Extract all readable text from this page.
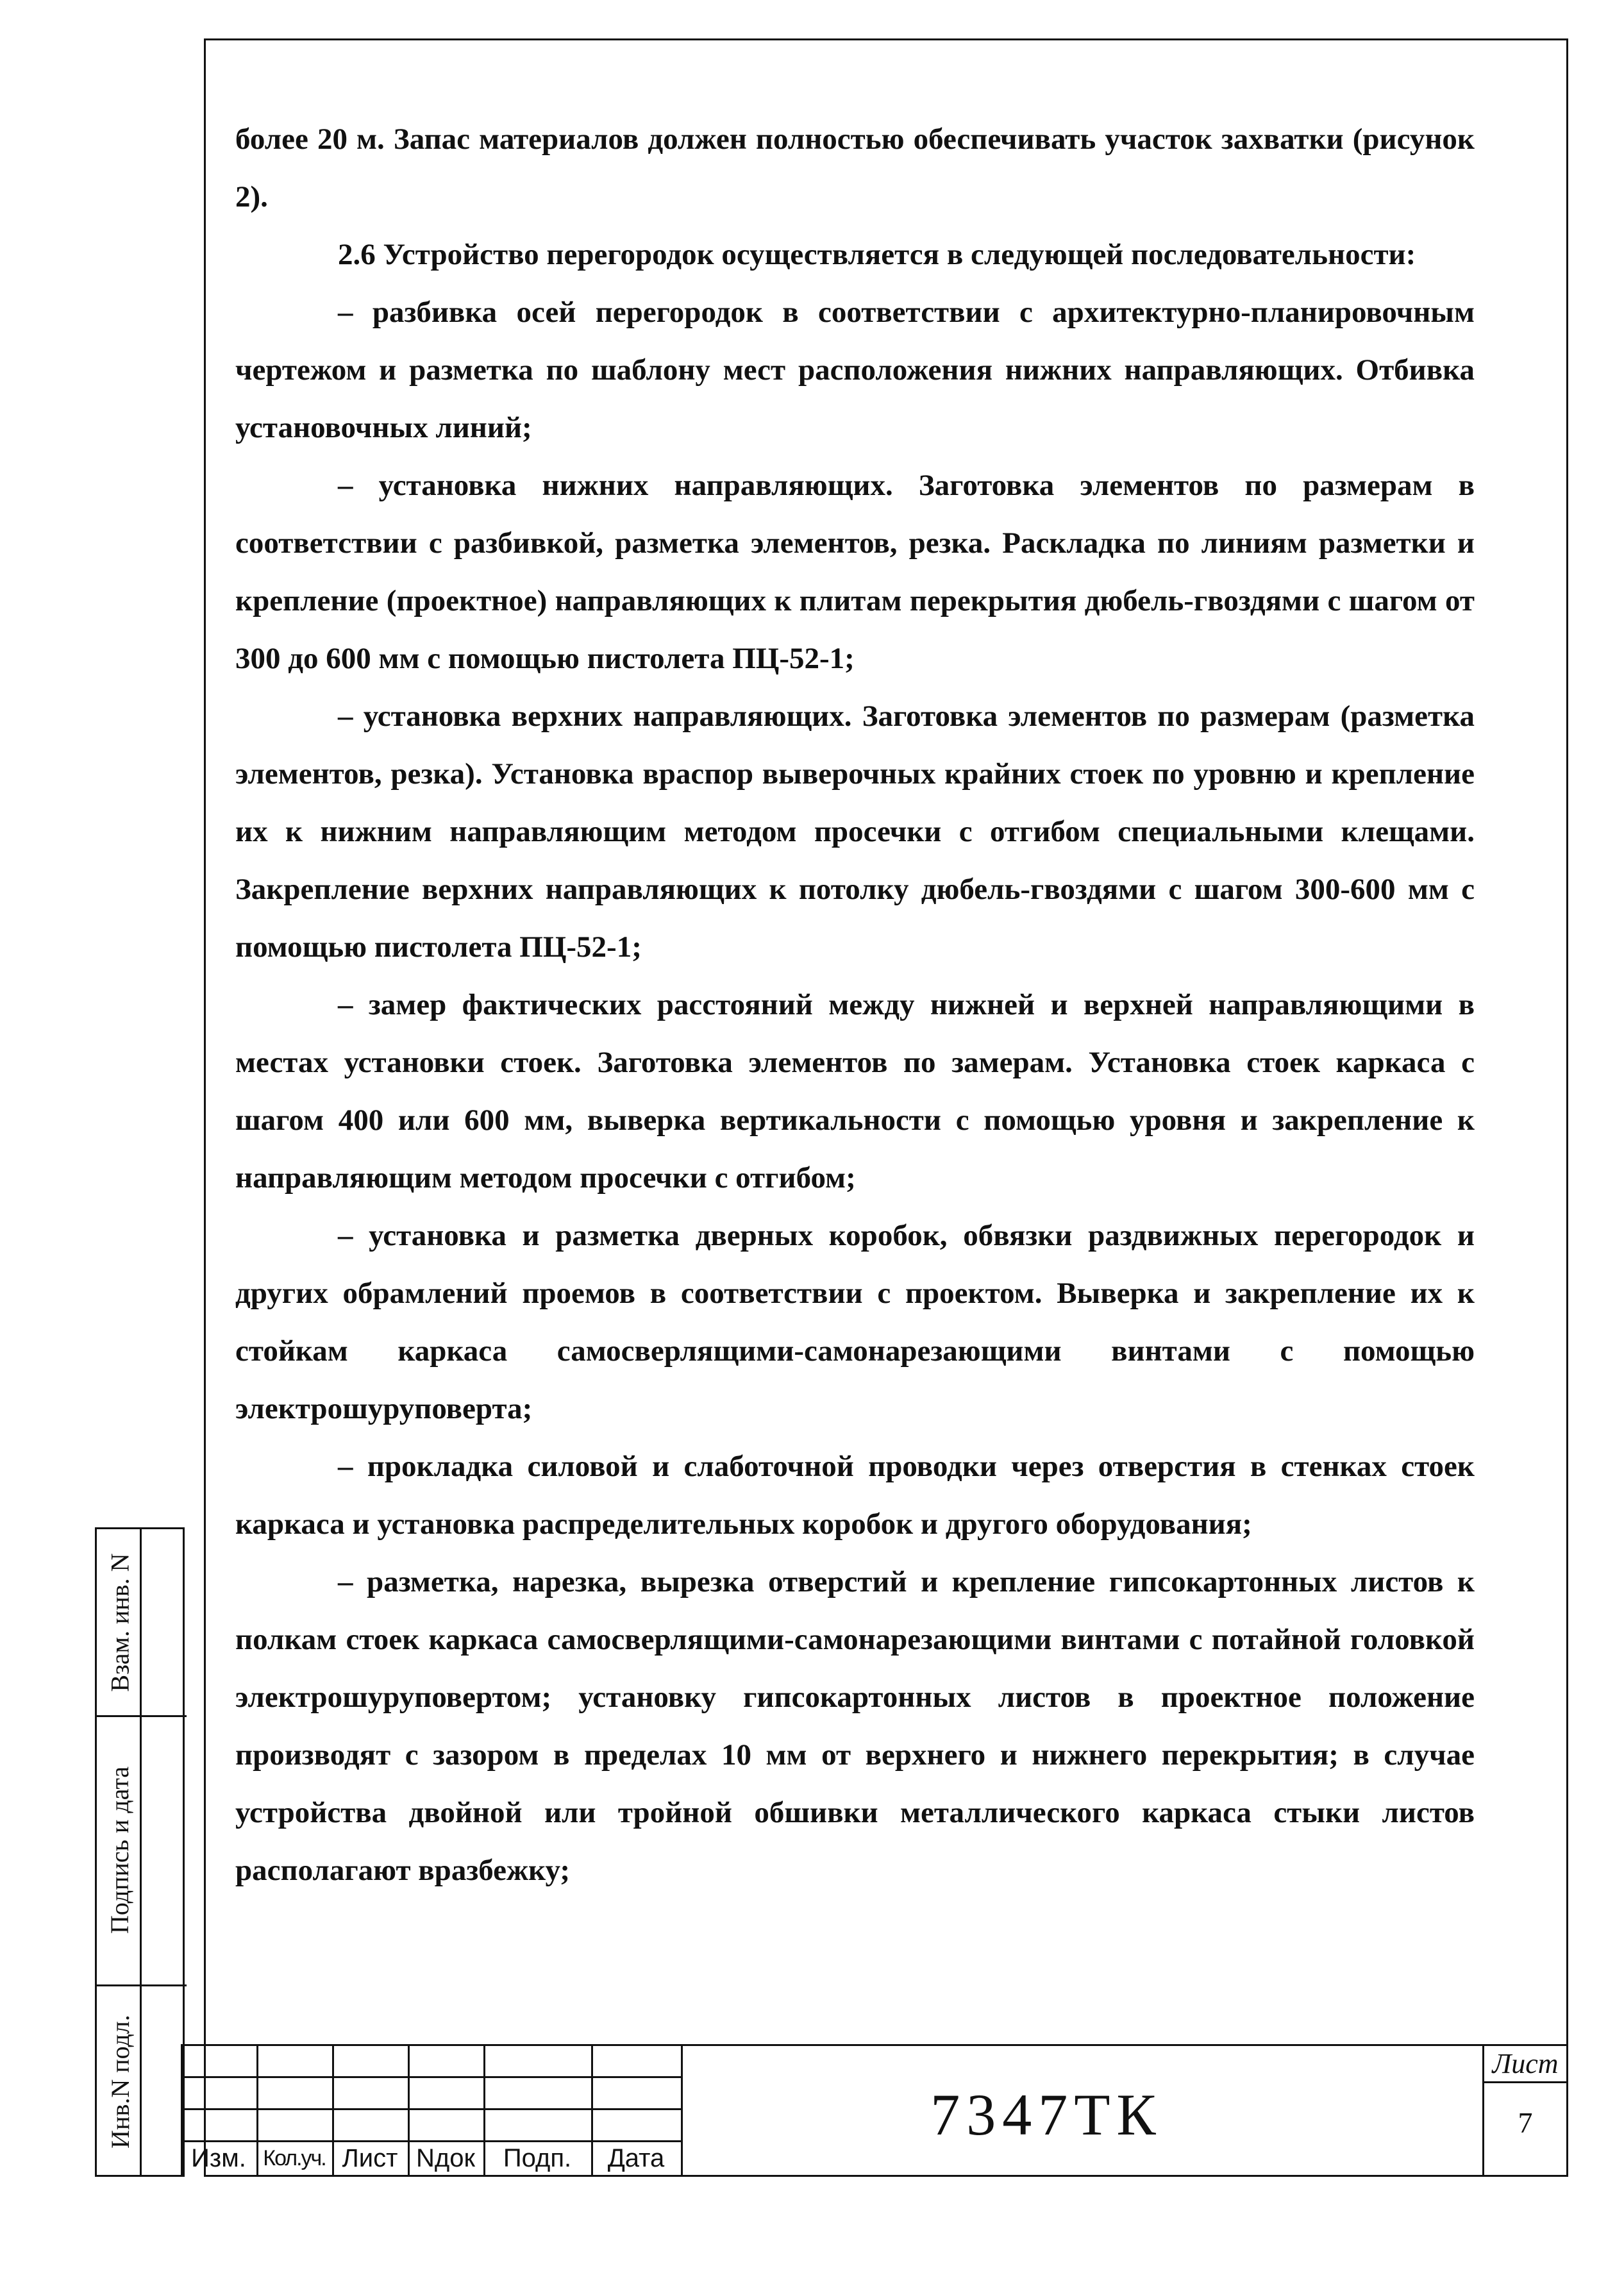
более 20 м. Запас материалов должен полностью обеспечивать участок захватки (рисунок 2).

2.6 Устройство перегородок осуществляется в следующей последовательности:

– разбивка осей перегородок в соответствии с архитектурно-планировочным чертежом и разметка по шаблону мест расположения нижних направляющих. Отбивка установочных линий;

– установка нижних направляющих. Заготовка элементов по размерам в соответствии с разбивкой, разметка элементов, резка. Раскладка по линиям разметки и крепление (проектное) направляющих к плитам перекрытия дюбель-гвоздями с шагом от 300 до 600 мм с помощью пистолета ПЦ-52-1;

– установка верхних направляющих. Заготовка элементов по размерам (разметка элементов, резка). Установка враспор выверочных крайних стоек по уровню и крепление их к нижним направляющим методом просечки с отгибом специальными клещами. Закрепление верхних направляющих к потолку дюбель-гвоздями с шагом 300-600 мм с помощью пистолета ПЦ-52-1;

– замер фактических расстояний между нижней и верхней направляющими в местах установки стоек. Заготовка элементов по замерам. Установка стоек каркаса с шагом 400 или 600 мм, выверка вертикальности с помощью уровня и закрепление к направляющим методом просечки с отгибом;

– установка и разметка дверных коробок, обвязки раздвижных перегородок и других обрамлений проемов в соответствии с проектом. Выверка и закрепление их к стойкам каркаса самосверлящими-самонарезающими винтами с помощью электрошуруповерта;

– прокладка силовой и слаботочной проводки через отверстия в стенках стоек каркаса и установка распределительных коробок и другого оборудования;

– разметка, нарезка, вырезка отверстий и крепление гипсокартонных листов к полкам стоек каркаса самосверлящими-самонарезающими винтами с потайной головкой электрошуруповертом; установку гипсокартонных листов в проектное положение производят с зазором в пределах 10 мм от верхнего и нижнего перекрытия; в случае устройства двойной или тройной обшивки металлического каркаса стыки листов располагают вразбежку;

Взам. инв. N
Подпись и дата
Инв.N подл.
Изм. Кол.уч. Лист Nдок	Подп.	Дата
7347ТК
Лист
7
